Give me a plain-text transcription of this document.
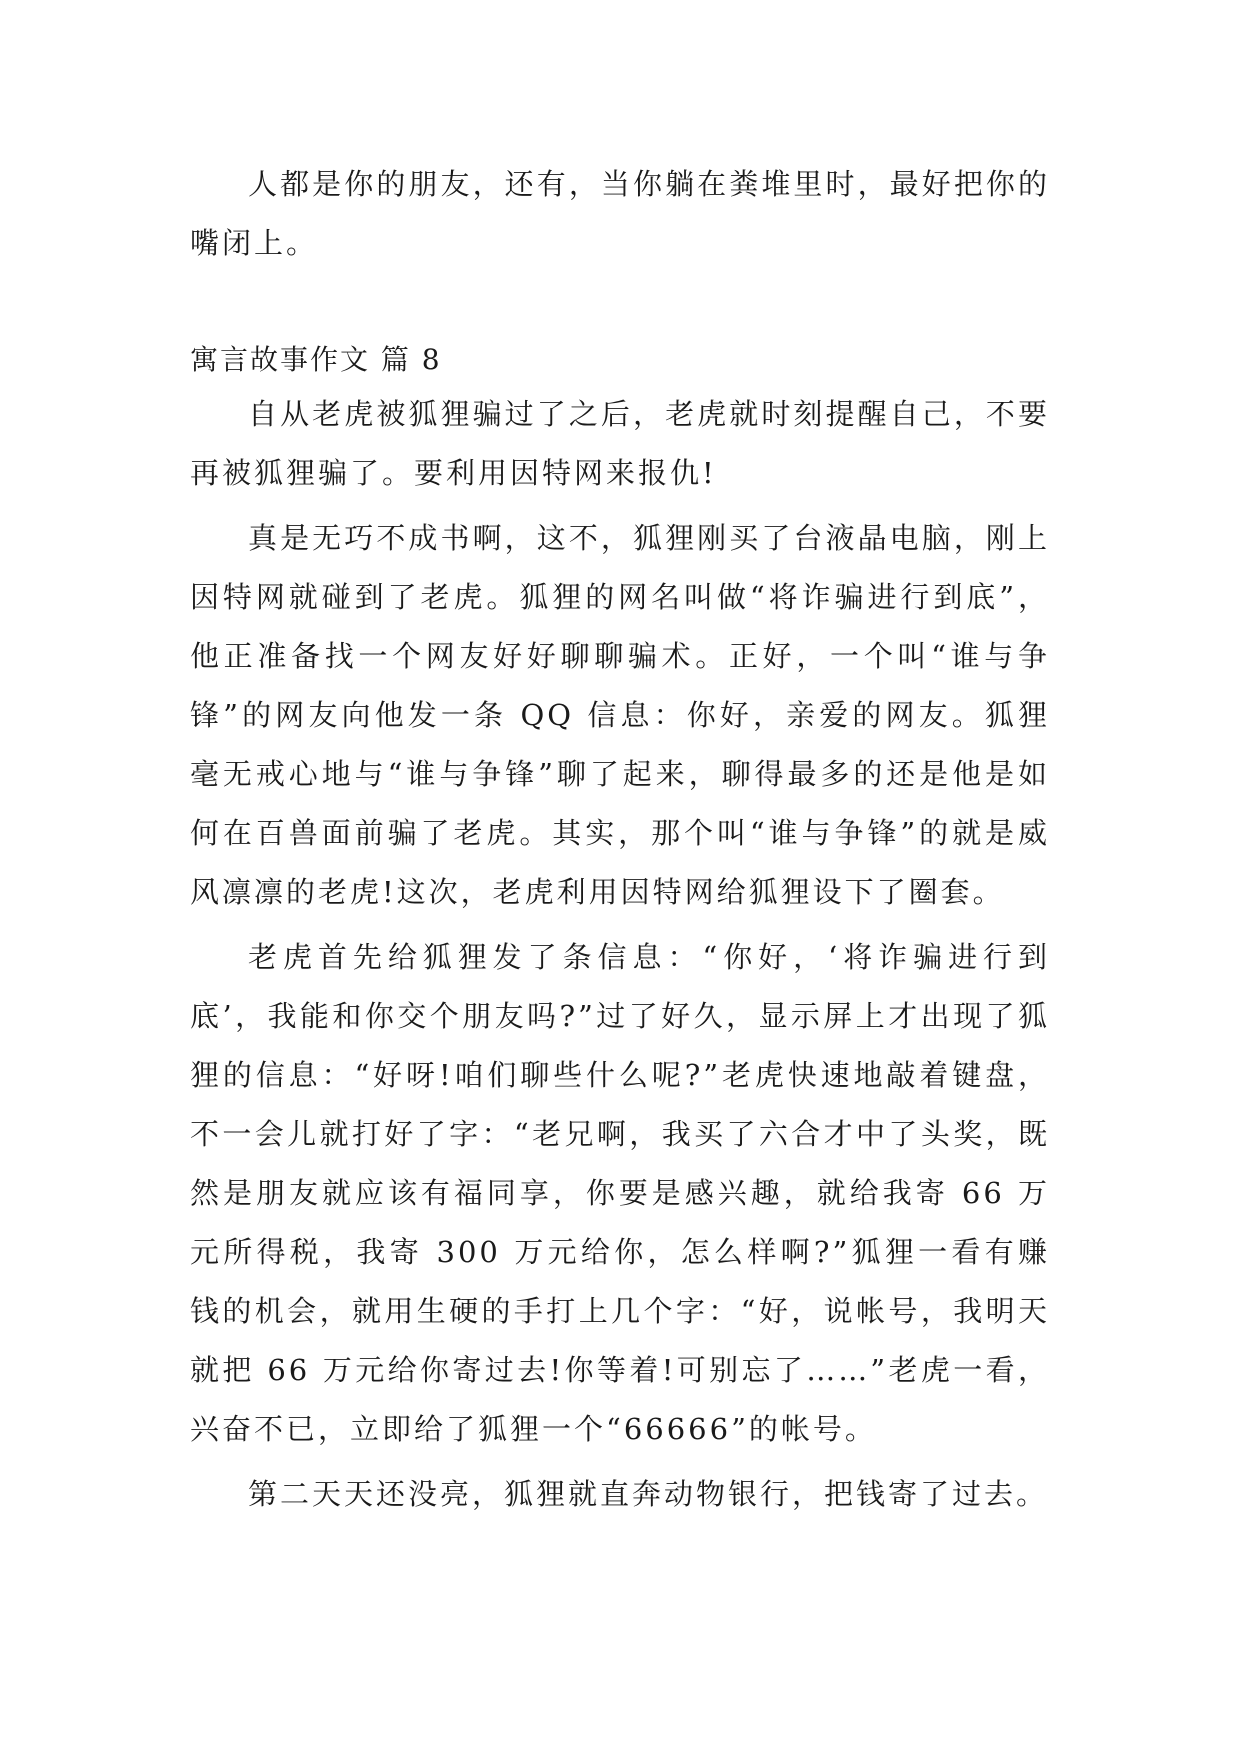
人都是你的朋友，还有，当你躺在粪堆里时，最好把你的嘴闭上。

寓言故事作文 篇 8

自从老虎被狐狸骗过了之后，老虎就时刻提醒自己，不要再被狐狸骗了。要利用因特网来报仇!

真是无巧不成书啊，这不，狐狸刚买了台液晶电脑，刚上因特网就碰到了老虎。狐狸的网名叫做“将诈骗进行到底”，他正准备找一个网友好好聊聊骗术。正好，一个叫“谁与争锋”的网友向他发一条 QQ 信息：你好，亲爱的网友。狐狸毫无戒心地与“谁与争锋”聊了起来，聊得最多的还是他是如何在百兽面前骗了老虎。其实，那个叫“谁与争锋”的就是威风凛凛的老虎!这次，老虎利用因特网给狐狸设下了圈套。

老虎首先给狐狸发了条信息：“你好，‘将诈骗进行到底’，我能和你交个朋友吗?”过了好久，显示屏上才出现了狐狸的信息：“好呀!咱们聊些什么呢?”老虎快速地敲着键盘，不一会儿就打好了字：“老兄啊，我买了六合才中了头奖，既然是朋友就应该有福同享，你要是感兴趣，就给我寄 66 万元所得税，我寄 300 万元给你，怎么样啊?”狐狸一看有赚钱的机会，就用生硬的手打上几个字：“好，说帐号，我明天就把 66 万元给你寄过去!你等着!可别忘了……”老虎一看，兴奋不已，立即给了狐狸一个“66666”的帐号。

第二天天还没亮，狐狸就直奔动物银行，把钱寄了过去。
